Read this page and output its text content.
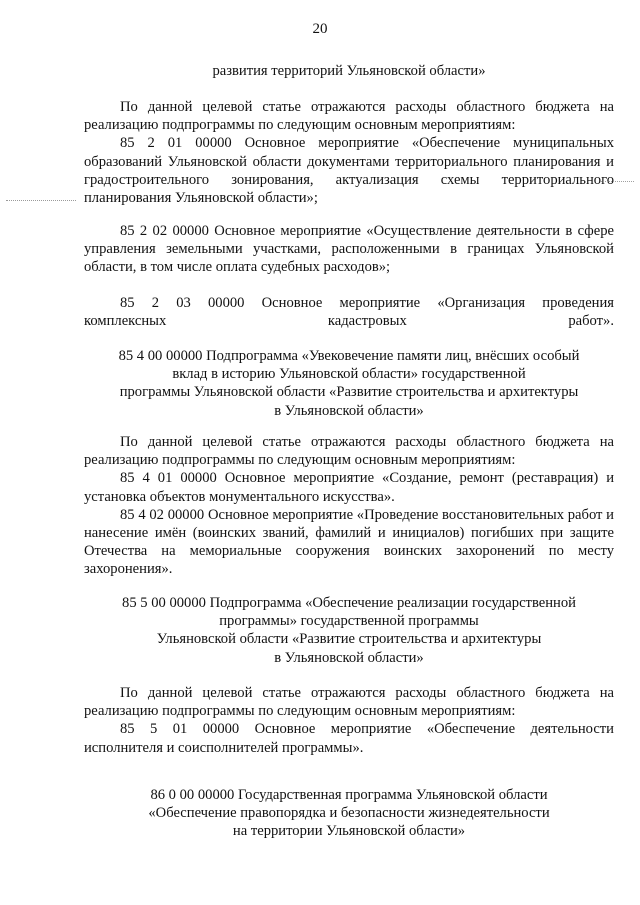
20

развития территорий Ульяновской области»

По данной целевой статье отражаются расходы областного бюджета на реализацию подпрограммы по следующим основным мероприятиям:

85 2 01 00000 Основное мероприятие «Обеспечение муниципальных образований Ульяновской области документами территориального планирования и градостроительного зонирования, актуализация схемы территориального планирования Ульяновской области»;

85 2 02 00000 Основное мероприятие «Осуществление деятельности в сфере управления земельными участками, расположенными в границах Ульяновской области, в том числе оплата судебных расходов»;

85 2 03 00000 Основное мероприятие «Организация проведения

комплексных кадастровых работ».

85 4 00 00000 Подпрограмма «Увековечение памяти лиц, внёсших особый

вклад в историю Ульяновской области» государственной

программы Ульяновской области «Развитие строительства и архитектуры

в Ульяновской области»

По данной целевой статье отражаются расходы областного бюджета на реализацию подпрограммы по следующим основным мероприятиям:

85 4 01 00000 Основное мероприятие «Создание, ремонт (реставрация) и установка объектов монументального искусства».

85 4 02 00000 Основное мероприятие «Проведение восстановительных работ и нанесение имён (воинских званий, фамилий и инициалов) погибших при защите Отечества на мемориальные сооружения воинских захоронений по месту захоронения».

85 5 00 00000 Подпрограмма «Обеспечение реализации государственной

программы» государственной программы

Ульяновской области «Развитие строительства и архитектуры

в Ульяновской области»

По данной целевой статье отражаются расходы областного бюджета на реализацию подпрограммы по следующим основным мероприятиям:

85 5 01 00000 Основное мероприятие «Обеспечение деятельности исполнителя и соисполнителей программы».

86 0 00 00000 Государственная программа Ульяновской области

«Обеспечение правопорядка и безопасности жизнедеятельности

на территории Ульяновской области»
